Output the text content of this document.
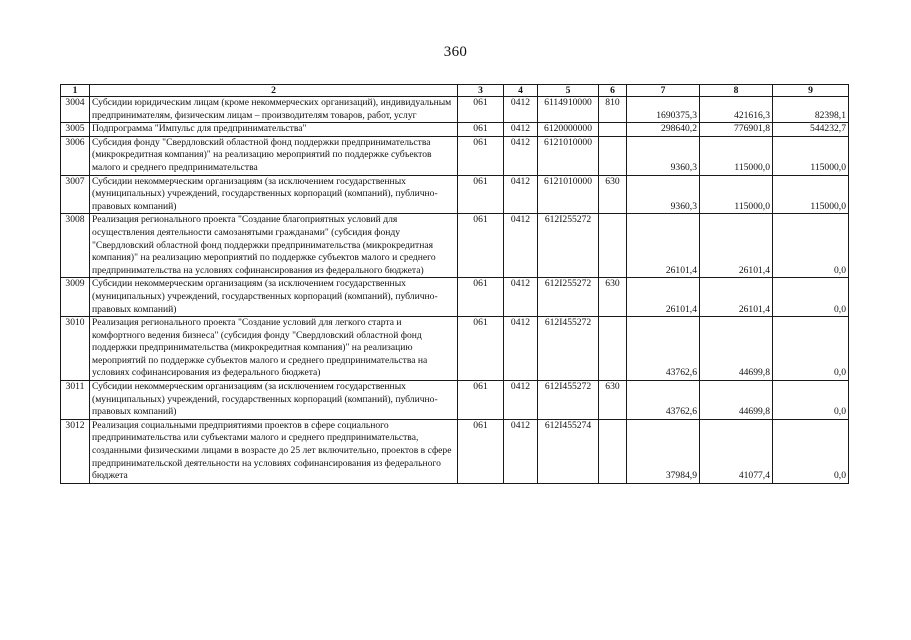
360
1	2	3	4	5	6	7	8	9
3004	Субсидии юридическим лицам (кроме некоммерческих организаций), индивидуальным предпринимателям, физическим лицам – производителям товаров, работ, услуг	061	0412	6114910000	810	1690375,3	421616,3	82398,1
3005	Подпрограмма "Импульс для предпринимательства"	061	0412	6120000000		298640,2	776901,8	544232,7
3006	Субсидия фонду "Свердловский областной фонд поддержки предпринимательства (микрокредитная компания)" на реализацию мероприятий по поддержке субъектов малого и среднего предпринимательства	061	0412	6121010000		9360,3	115000,0	115000,0
3007	Субсидии некоммерческим организациям (за исключением государственных (муниципальных) учреждений, государственных корпораций (компаний), публично-правовых компаний)	061	0412	6121010000	630	9360,3	115000,0	115000,0
3008	Реализация регионального проекта "Создание благоприятных условий для осуществления деятельности самозанятыми гражданами" (субсидия фонду "Свердловский областной фонд поддержки предпринимательства (микрокредитная компания)" на реализацию мероприятий по поддержке субъектов малого и среднего предпринимательства на условиях софинансирования из федерального бюджета)	061	0412	612I255272		26101,4	26101,4	0,0
3009	Субсидии некоммерческим организациям (за исключением государственных (муниципальных) учреждений, государственных корпораций (компаний), публично-правовых компаний)	061	0412	612I255272	630	26101,4	26101,4	0,0
3010	Реализация регионального проекта "Создание условий для легкого старта и комфортного ведения бизнеса" (субсидия фонду "Свердловский областной фонд поддержки предпринимательства (микрокредитная компания)" на реализацию мероприятий по поддержке субъектов малого и среднего предпринимательства на условиях софинансирования из федерального бюджета)	061	0412	612I455272		43762,6	44699,8	0,0
3011	Субсидии некоммерческим организациям (за исключением государственных (муниципальных) учреждений, государственных корпораций (компаний), публично-правовых компаний)	061	0412	612I455272	630	43762,6	44699,8	0,0
3012	Реализация социальными предприятиями проектов в сфере социального предпринимательства или субъектами малого и среднего предпринимательства, созданными физическими лицами в возрасте до 25 лет включительно, проектов в сфере предпринимательской деятельности на условиях софинансирования из федерального бюджета	061	0412	612I455274		37984,9	41077,4	0,0
